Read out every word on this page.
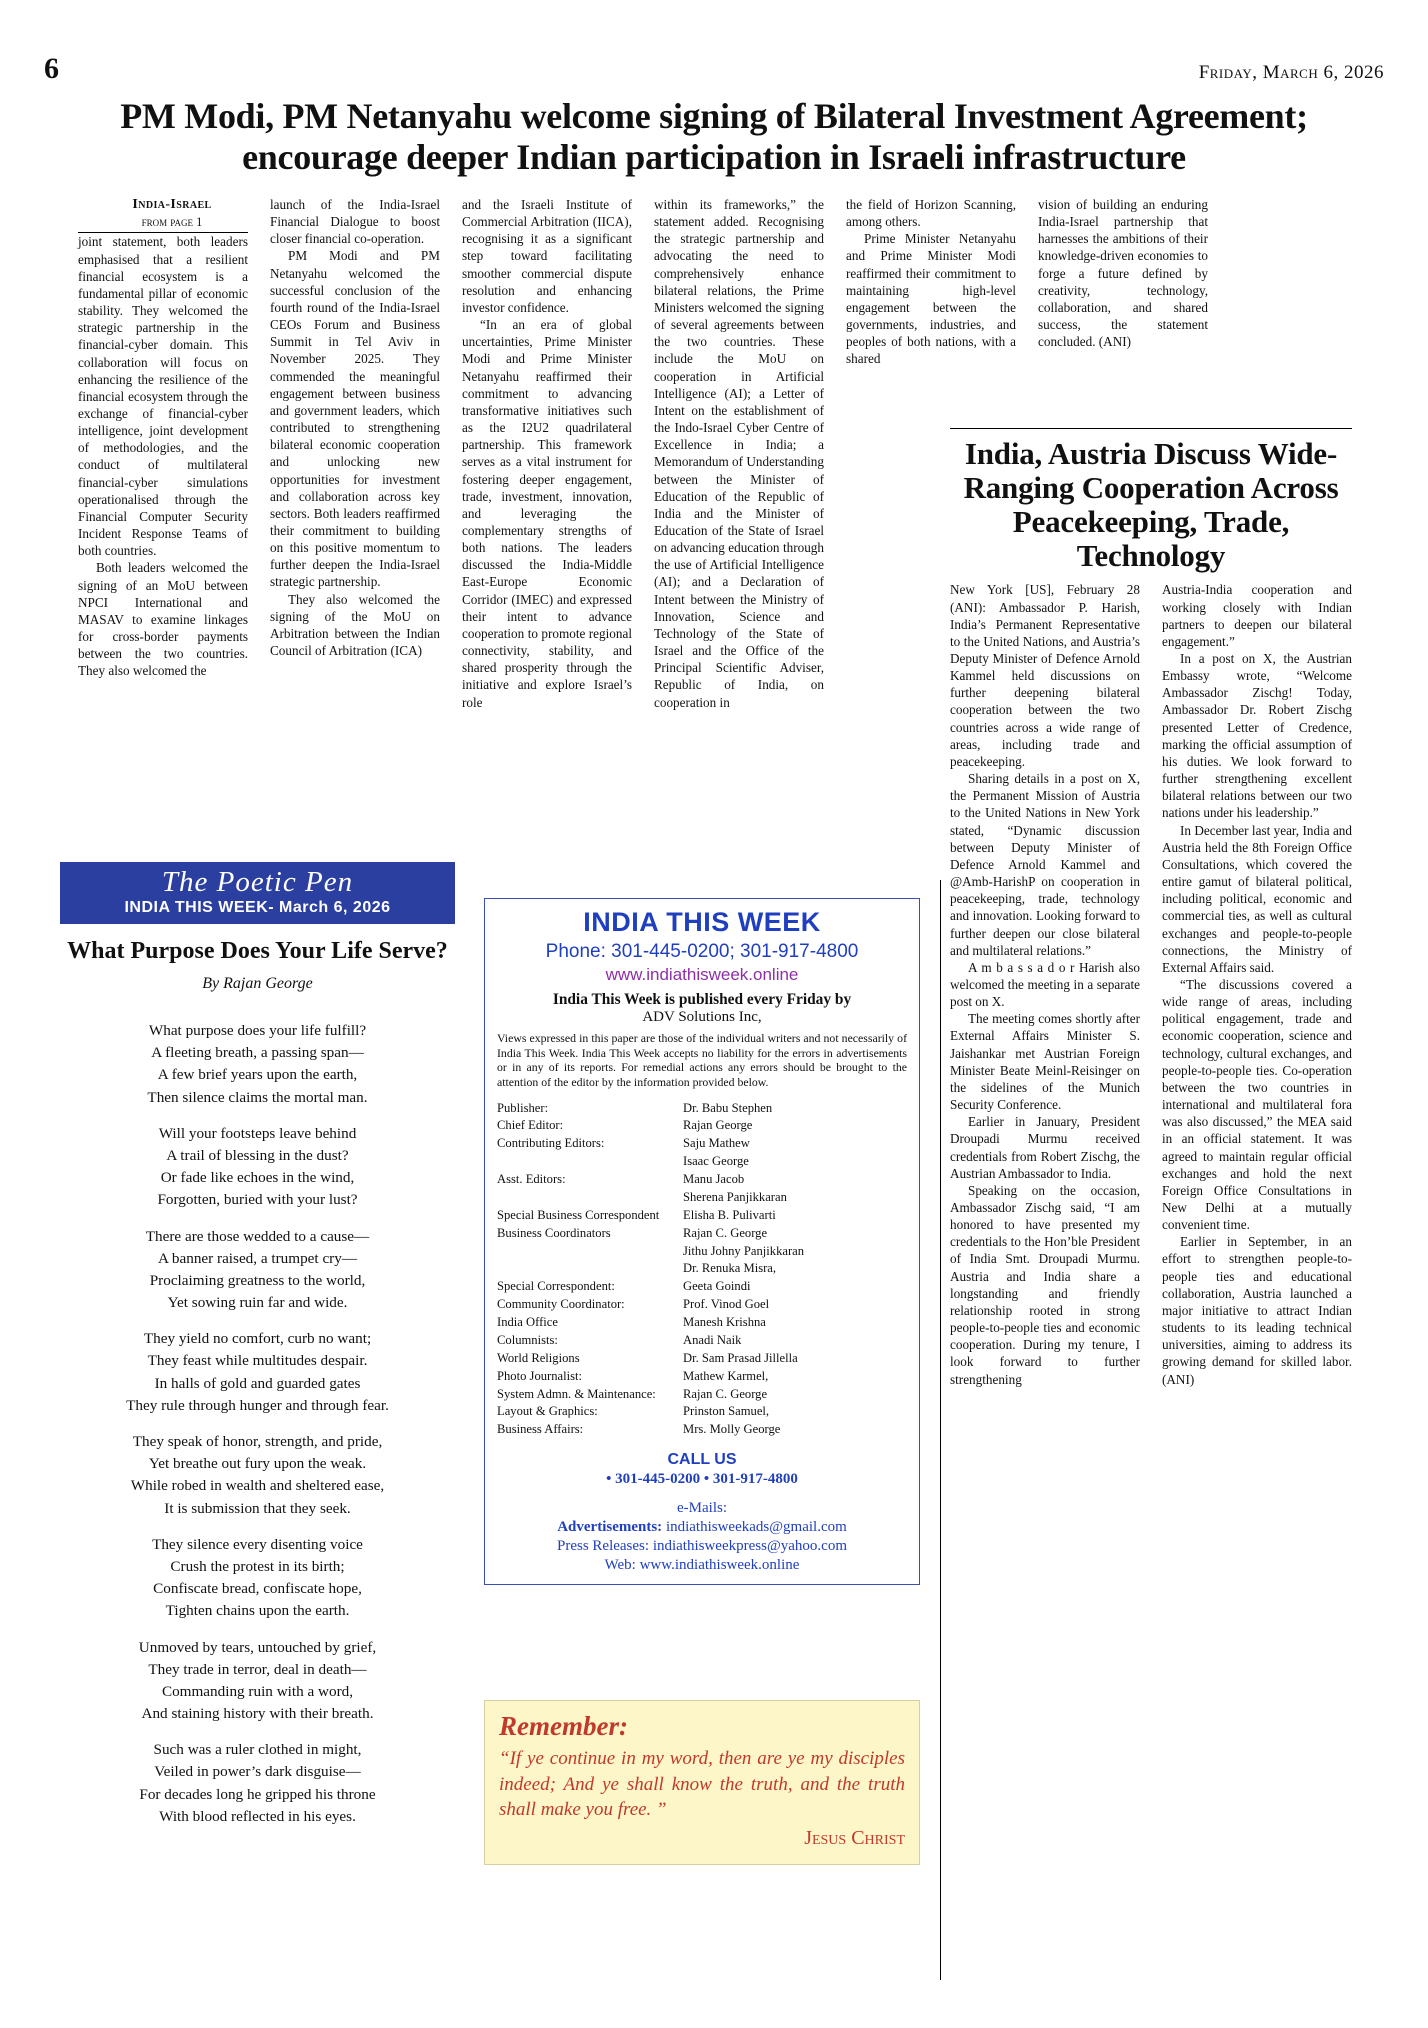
6	Friday, March 6, 2026
PM Modi, PM Netanyahu welcome signing of Bilateral Investment Agreement; encourage deeper Indian participation in Israeli infrastructure

India-Israel

from page 1

joint statement, both leaders emphasised that a resilient financial ecosystem is a fundamental pillar of economic stability. They welcomed the strategic partnership in the financial-cyber domain. This collaboration will focus on enhancing the resilience of the financial ecosystem through the exchange of financial-cyber intelligence, joint development of methodologies, and the conduct of multilateral financial-cyber simulations operationalised through the Financial Computer Security Incident Response Teams of both countries.

Both leaders welcomed the signing of an MoU between NPCI International and MASAV to examine linkages for cross-border payments between the two countries. They also welcomed the

launch of the India-Israel Financial Dialogue to boost closer financial co-operation.

PM Modi and PM Netanyahu welcomed the successful conclusion of the fourth round of the India-Israel CEOs Forum and Business Summit in Tel Aviv in November 2025. They commended the meaningful engagement between business and government leaders, which contributed to strengthening bilateral economic cooperation and unlocking new opportunities for investment and collaboration across key sectors. Both leaders reaffirmed their commitment to building on this positive momentum to further deepen the India-Israel strategic partnership.

They also welcomed the signing of the MoU on Arbitration between the Indian Council of Arbitration (ICA)

and the Israeli Institute of Commercial Arbitration (IICA), recognising it as a significant step toward facilitating smoother commercial dispute resolution and enhancing investor confidence.

“In an era of global uncertainties, Prime Minister Modi and Prime Minister Netanyahu reaffirmed their commitment to advancing transformative initiatives such as the I2U2 quadrilateral partnership. This framework serves as a vital instrument for fostering deeper engagement, trade, investment, innovation, and leveraging the complementary strengths of both nations. The leaders discussed the India-Middle East-Europe Economic Corridor (IMEC) and expressed their intent to advance cooperation to promote regional connectivity, stability, and shared prosperity through the initiative and explore Israel’s role

within its frameworks,” the statement added. Recognising the strategic partnership and advocating the need to comprehensively enhance bilateral relations, the Prime Ministers welcomed the signing of several agreements between the two countries. These include the MoU on cooperation in Artificial Intelligence (AI); a Letter of Intent on the establishment of the Indo-Israel Cyber Centre of Excellence in India; a Memorandum of Understanding between the Minister of Education of the Republic of India and the Minister of Education of the State of Israel on advancing education through the use of Artificial Intelligence (AI); and a Declaration of Intent between the Ministry of Innovation, Science and Technology of the State of Israel and the Office of the Principal Scientific Adviser, Republic of India, on cooperation in

the field of Horizon Scanning, among others.

Prime Minister Netanyahu and Prime Minister Modi reaffirmed their commitment to maintaining high-level engagement between the governments, industries, and peoples of both nations, with a shared

vision of building an enduring India-Israel partnership that harnesses the ambitions of their knowledge-driven economies to forge a future defined by creativity, technology, collaboration, and shared success, the statement concluded. (ANI)

India, Austria Discuss Wide-Ranging Cooperation Across Peacekeeping, Trade, Technology

New York [US], February 28 (ANI): Ambassador P. Harish, India’s Permanent Representative to the United Nations, and Austria’s Deputy Minister of Defence Arnold Kammel held discussions on further deepening bilateral cooperation between the two countries across a wide range of areas, including trade and peacekeeping.

Sharing details in a post on X, the Permanent Mission of Austria to the United Nations in New York stated, “Dynamic discussion between Deputy Minister of Defence Arnold Kammel and @Amb-HarishP on cooperation in peacekeeping, trade, technology and innovation. Looking forward to further deepen our close bilateral and multilateral relations.”

A m b a s s a d o r Harish also welcomed the meeting in a separate post on X.

The meeting comes shortly after External Affairs Minister S. Jaishankar met Austrian Foreign Minister Beate Meinl-Reisinger on the sidelines of the Munich Security Conference.

Earlier in January, President Droupadi Murmu received credentials from Robert Zischg, the Austrian Ambassador to India.

Speaking on the occasion, Ambassador Zischg said, “I am honored to have presented my credentials to the Hon’ble President of India Smt. Droupadi Murmu. Austria and India share a longstanding and friendly relationship rooted in strong people-to-people ties and economic cooperation. During my tenure, I look forward to further strengthening

Austria-India cooperation and working closely with Indian partners to deepen our bilateral engagement.”

In a post on X, the Austrian Embassy wrote, “Welcome Ambassador Zischg! Today, Ambassador Dr. Robert Zischg presented Letter of Credence, marking the official assumption of his duties. We look forward to further strengthening excellent bilateral relations between our two nations under his leadership.”

In December last year, India and Austria held the 8th Foreign Office Consultations, which covered the entire gamut of bilateral political, including political, economic and commercial ties, as well as cultural exchanges and people-to-people connections, the Ministry of External Affairs said.

“The discussions covered a wide range of areas, including political engagement, trade and economic cooperation, science and technology, cultural exchanges, and people-to-people ties. Co-operation between the two countries in international and multilateral fora was also discussed,” the MEA said in an official statement. It was agreed to maintain regular official exchanges and hold the next Foreign Office Consultations in New Delhi at a mutually convenient time.

Earlier in September, in an effort to strengthen people-to-people ties and educational collaboration, Austria launched a major initiative to attract Indian students to its leading technical universities, aiming to address its growing demand for skilled labor. (ANI)

The Poetic Pen
INDIA THIS WEEK- March 6, 2026
What Purpose Does Your Life Serve?
By Rajan George
What purpose does your life fulfill?
A fleeting breath, a passing span—
A few brief years upon the earth,
Then silence claims the mortal man.
Will your footsteps leave behind
A trail of blessing in the dust?
Or fade like echoes in the wind,
Forgotten, buried with your lust?
There are those wedded to a cause—
A banner raised, a trumpet cry—
Proclaiming greatness to the world,
Yet sowing ruin far and wide.
They yield no comfort, curb no want;
They feast while multitudes despair.
In halls of gold and guarded gates
They rule through hunger and through fear.
They speak of honor, strength, and pride,
Yet breathe out fury upon the weak.
While robed in wealth and sheltered ease,
It is submission that they seek.
They silence every disenting voice
Crush the protest in its birth;
Confiscate bread, confiscate hope,
Tighten chains upon the earth.
Unmoved by tears, untouched by grief,
They trade in terror, deal in death—
Commanding ruin with a word,
And staining history with their breath.
Such was a ruler clothed in might,
Veiled in power’s dark disguise—
For decades long he gripped his throne
With blood reflected in his eyes.
INDIA THIS WEEK
Phone: 301-445-0200; 301-917-4800
www.indiathisweek.online
India This Week is published every Friday by
ADV Solutions Inc,
Views expressed in this paper are those of the individual writers and not necessarily of India This Week. India This Week accepts no liability for the errors in advertisements or in any of its reports. For remedial actions any errors should be brought to the attention of the editor by the information provided below.
Publisher:	Dr. Babu Stephen
Chief Editor:	Rajan George
Contributing Editors:	Saju Mathew
Isaac George
Asst. Editors:	Manu Jacob
Sherena Panjikkaran
Special Business Correspondent	Elisha B. Pulivarti
Business Coordinators	Rajan C. George
Jithu Johny Panjikkaran
Dr. Renuka Misra,
Special Correspondent:	Geeta Goindi
Community Coordinator:	Prof. Vinod Goel
India Office	Manesh Krishna
Columnists:	Anadi Naik
World Religions	Dr. Sam Prasad Jillella
Photo Journalist:	Mathew Karmel,
System Admn. & Maintenance:	Rajan C. George
Layout & Graphics:	Prinston Samuel,
Business Affairs:	Mrs. Molly George
CALL US
• 301-445-0200 • 301-917-4800
e-Mails:
Advertisements: indiathisweekads@gmail.com
Press Releases: indiathisweekpress@yahoo.com
Web: www.indiathisweek.online
Remember:
“If ye continue in my word, then are ye my disciples indeed; And ye shall know the truth, and the truth shall make you free. ”
Jesus Christ
